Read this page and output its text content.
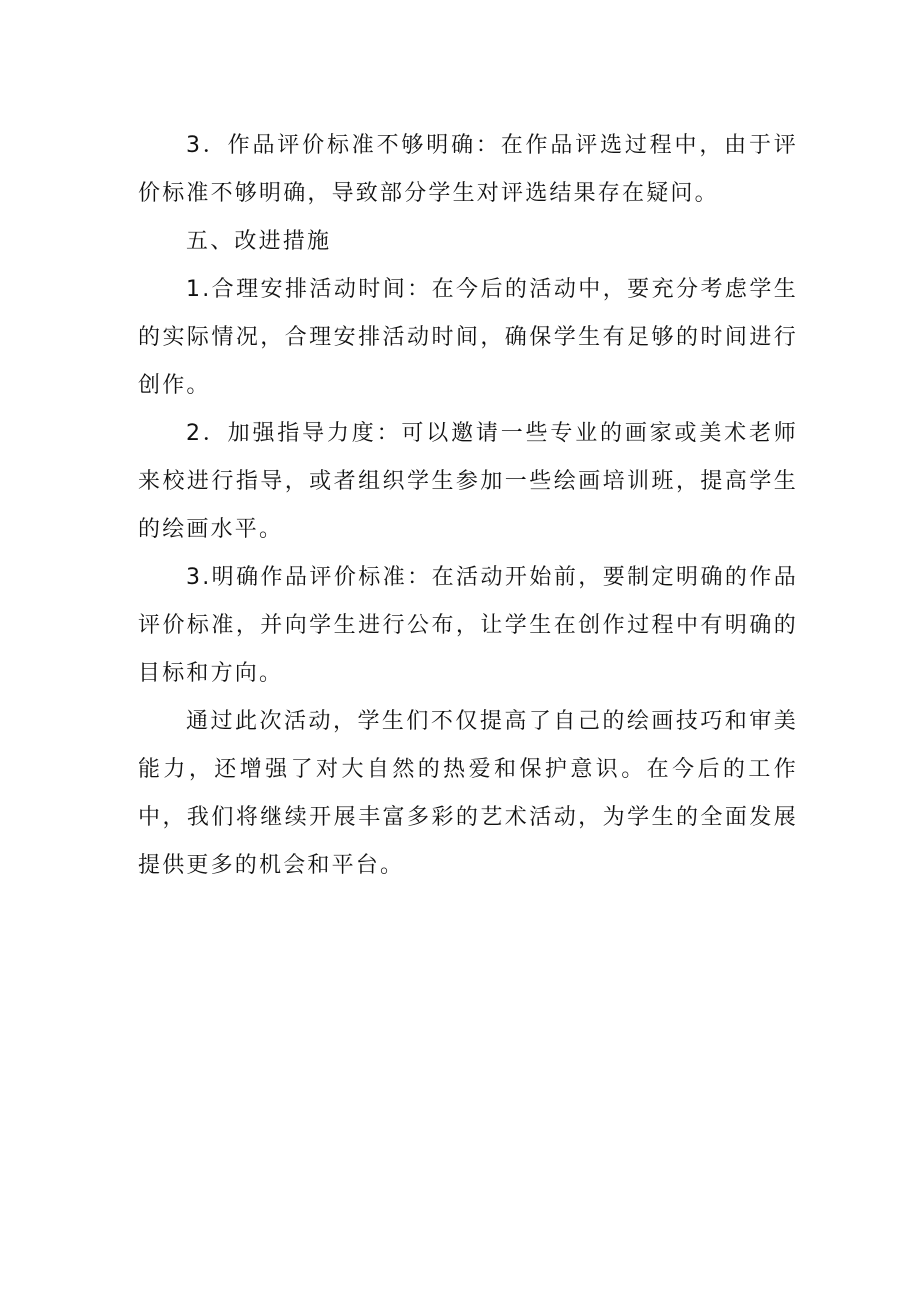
3．作品评价标准不够明确：在作品评选过程中，由于评价标准不够明确，导致部分学生对评选结果存在疑问。

五、改进措施

1.合理安排活动时间：在今后的活动中，要充分考虑学生的实际情况，合理安排活动时间，确保学生有足够的时间进行创作。

2．加强指导力度：可以邀请一些专业的画家或美术老师来校进行指导，或者组织学生参加一些绘画培训班，提高学生的绘画水平。

3.明确作品评价标准：在活动开始前，要制定明确的作品评价标准，并向学生进行公布，让学生在创作过程中有明确的目标和方向。

通过此次活动，学生们不仅提高了自己的绘画技巧和审美能力，还增强了对大自然的热爱和保护意识。在今后的工作中，我们将继续开展丰富多彩的艺术活动，为学生的全面发展提供更多的机会和平台。
